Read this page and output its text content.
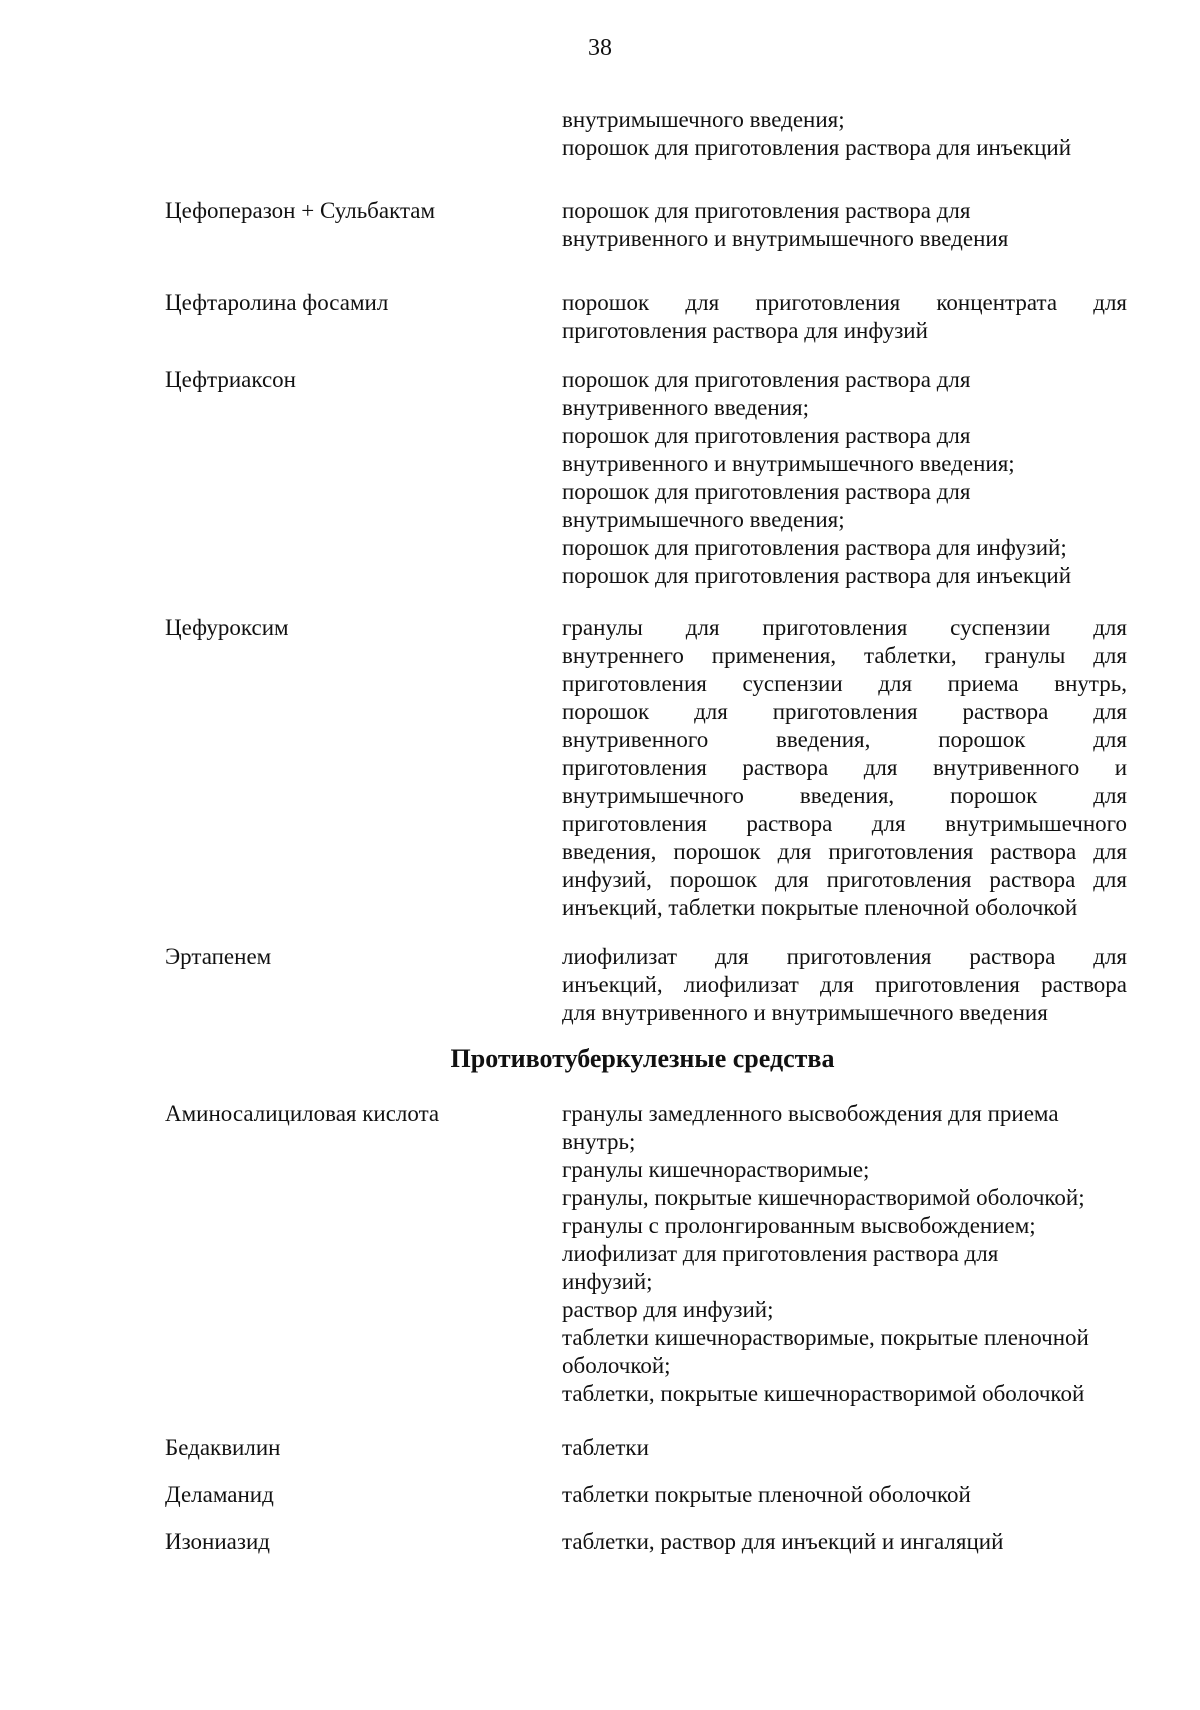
38
внутримышечного введения;
порошок для приготовления раствора для инъекций
Цефоперазон + Сульбактам	порошок для приготовления раствора для
внутривенного и внутримышечного введения
Цефтаролина фосамил	порошок для приготовления концентрата для
приготовления раствора для инфузий
Цефтриаксон	порошок для приготовления раствора для
внутривенного введения;
порошок для приготовления раствора для
внутривенного и внутримышечного введения;
порошок для приготовления раствора для
внутримышечного введения;
порошок для приготовления раствора для инфузий;
порошок для приготовления раствора для инъекций
Цефуроксим	гранулы для приготовления суспензии для
внутреннего применения, таблетки, гранулы для
приготовления суспензии для приема внутрь,
порошок для приготовления раствора для
внутривенного введения, порошок для
приготовления раствора для внутривенного и
внутримышечного введения, порошок для
приготовления раствора для внутримышечного
введения, порошок для приготовления раствора для
инфузий, порошок для приготовления раствора для
инъекций, таблетки покрытые пленочной оболочкой
Эртапенем	лиофилизат для приготовления раствора для
инъекций, лиофилизат для приготовления раствора
для внутривенного и внутримышечного введения
Противотуберкулезные средства
Аминосалициловая кислота	гранулы замедленного высвобождения для приема
внутрь;
гранулы кишечнорастворимые;
гранулы, покрытые кишечнорастворимой оболочкой;
гранулы с пролонгированным высвобождением;
лиофилизат для приготовления раствора для
инфузий;
раствор для инфузий;
таблетки кишечнорастворимые, покрытые пленочной
оболочкой;
таблетки, покрытые кишечнорастворимой оболочкой
Бедаквилин	таблетки
Деламанид	таблетки покрытые пленочной оболочкой
Изониазид	таблетки, раствор для инъекций и ингаляций
